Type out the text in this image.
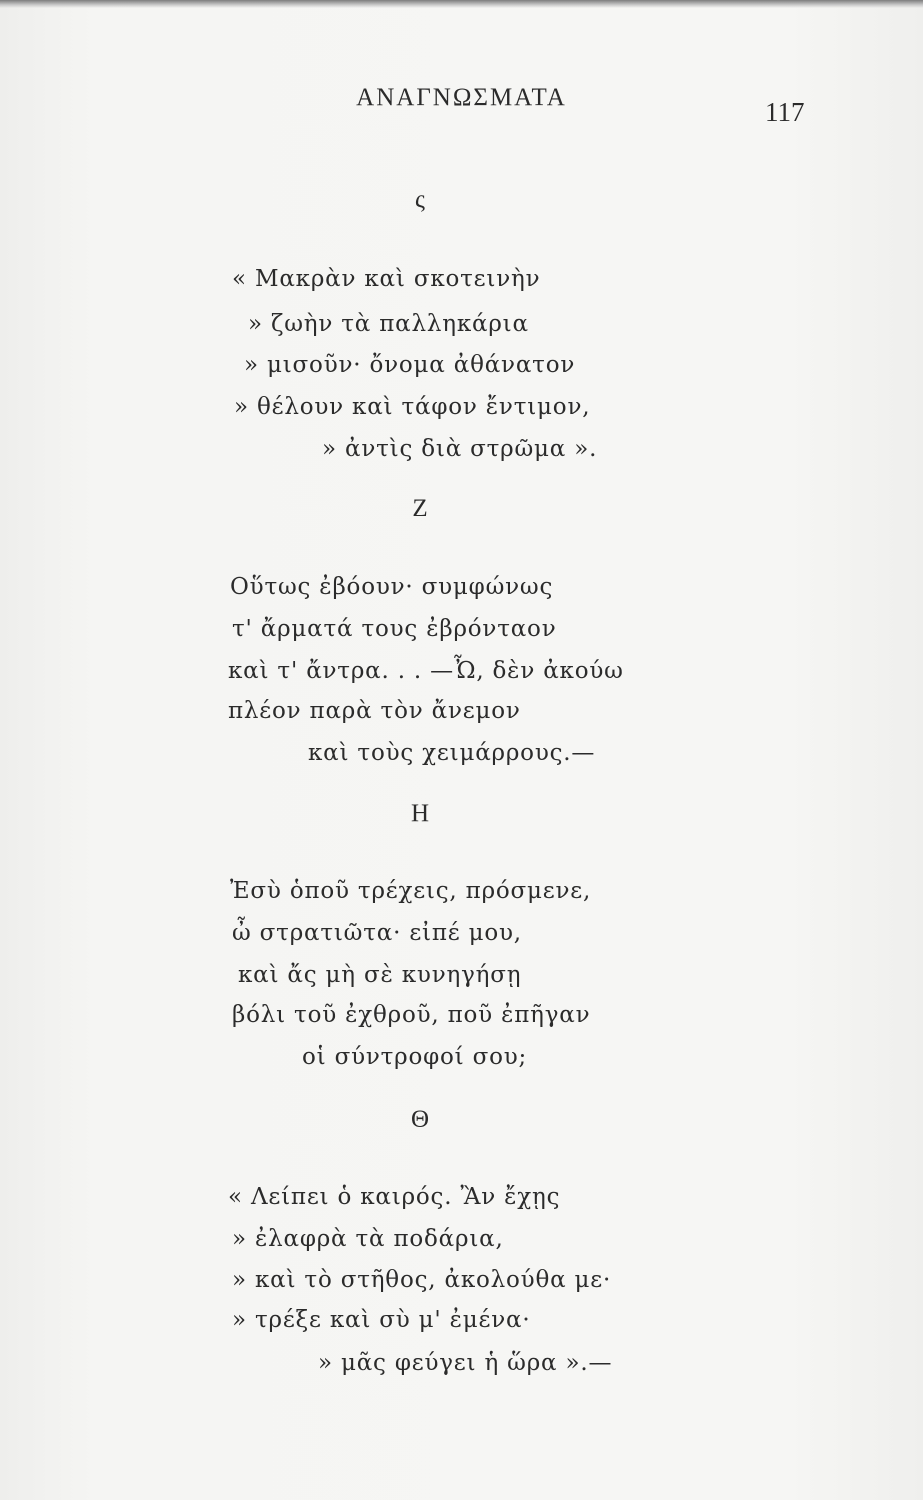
ΑΝΑΓΝΩΣΜΑΤΑ	117
ς
« Μακρὰν καὶ σκοτεινὴν
» ζωὴν τὰ παλληκάρια
» μισοῦν· ὄνομα ἀθάνατον
» θέλουν καὶ τάφον ἔντιμον,
» ἀντὶς διὰ στρῶμα ».
Ζ
Οὕτως ἐβόουν· συμφώνως
τ' ἄρματά τους ἐβρόνταον
καὶ τ' ἄντρα. . . —Ὦ, δὲν ἀκούω
πλέον παρὰ τὸν ἄνεμον
καὶ τοὺς χειμάρρους.—
Η
Ἐσὺ ὁποῦ τρέχεις, πρόσμενε,
ὦ στρατιῶτα· εἰπέ μου,
καὶ ἄς μὴ σὲ κυνηγήσῃ
βόλι τοῦ ἐχθροῦ, ποῦ ἐπῆγαν
οἱ σύντροφοί σου;
Θ
« Λείπει ὁ καιρός. Ἂν ἔχῃς
» ἐλαφρὰ τὰ ποδάρια,
» καὶ τὸ στῆθος, ἀκολούθα με·
» τρέξε καὶ σὺ μ' ἐμένα·
» μᾶς φεύγει ἡ ὥρα ».—
